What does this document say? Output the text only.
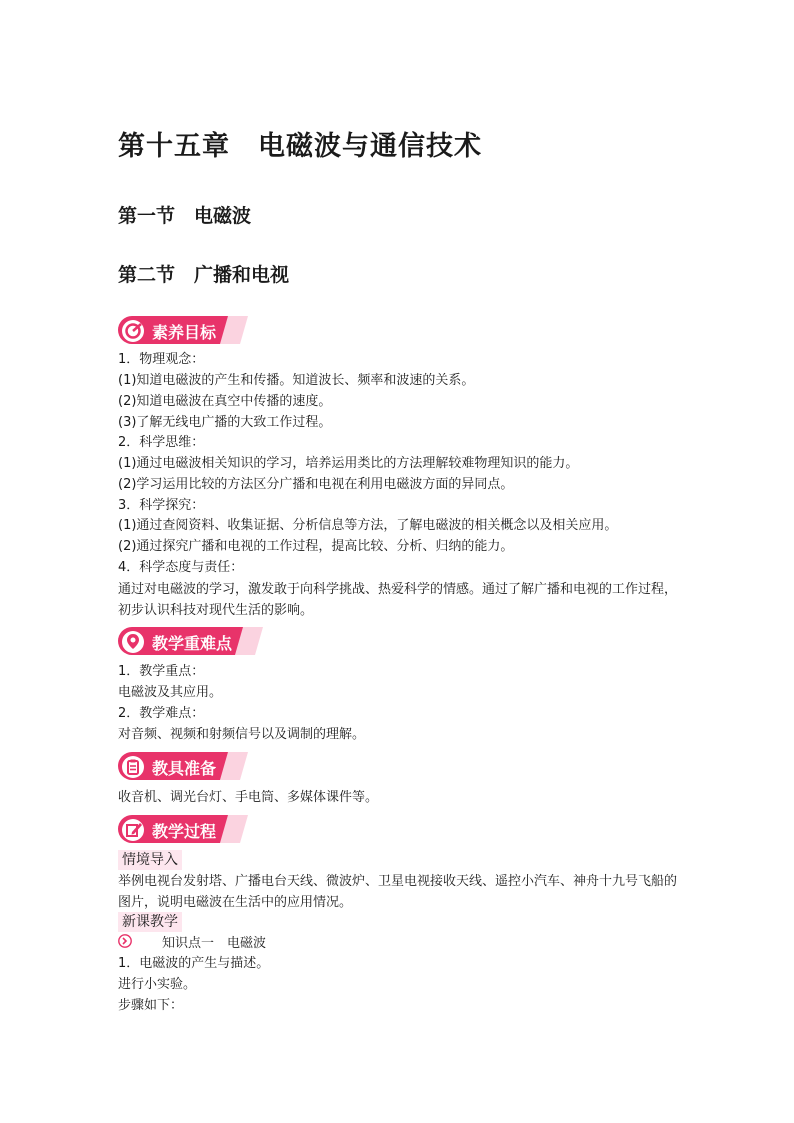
第十五章　电磁波与通信技术
第一节　电磁波
第二节　广播和电视
素养目标
1．物理观念：
(1)知道电磁波的产生和传播。知道波长、频率和波速的关系。
(2)知道电磁波在真空中传播的速度。
(3)了解无线电广播的大致工作过程。
2．科学思维：
(1)通过电磁波相关知识的学习，培养运用类比的方法理解较难物理知识的能力。
(2)学习运用比较的方法区分广播和电视在利用电磁波方面的异同点。
3．科学探究：
(1)通过查阅资料、收集证据、分析信息等方法，了解电磁波的相关概念以及相关应用。
(2)通过探究广播和电视的工作过程，提高比较、分析、归纳的能力。
4．科学态度与责任：
通过对电磁波的学习，激发敢于向科学挑战、热爱科学的情感。通过了解广播和电视的工作过程，初步认识科技对现代生活的影响。
教学重难点
1．教学重点：
电磁波及其应用。
2．教学难点：
对音频、视频和射频信号以及调制的理解。
教具准备
收音机、调光台灯、手电筒、多媒体课件等。
教学过程
情境导入
举例电视台发射塔、广播电台天线、微波炉、卫星电视接收天线、遥控小汽车、神舟十九号飞船的图片，说明电磁波在生活中的应用情况。
新课教学
知识点一　电磁波
1．电磁波的产生与描述。
进行小实验。
步骤如下：
